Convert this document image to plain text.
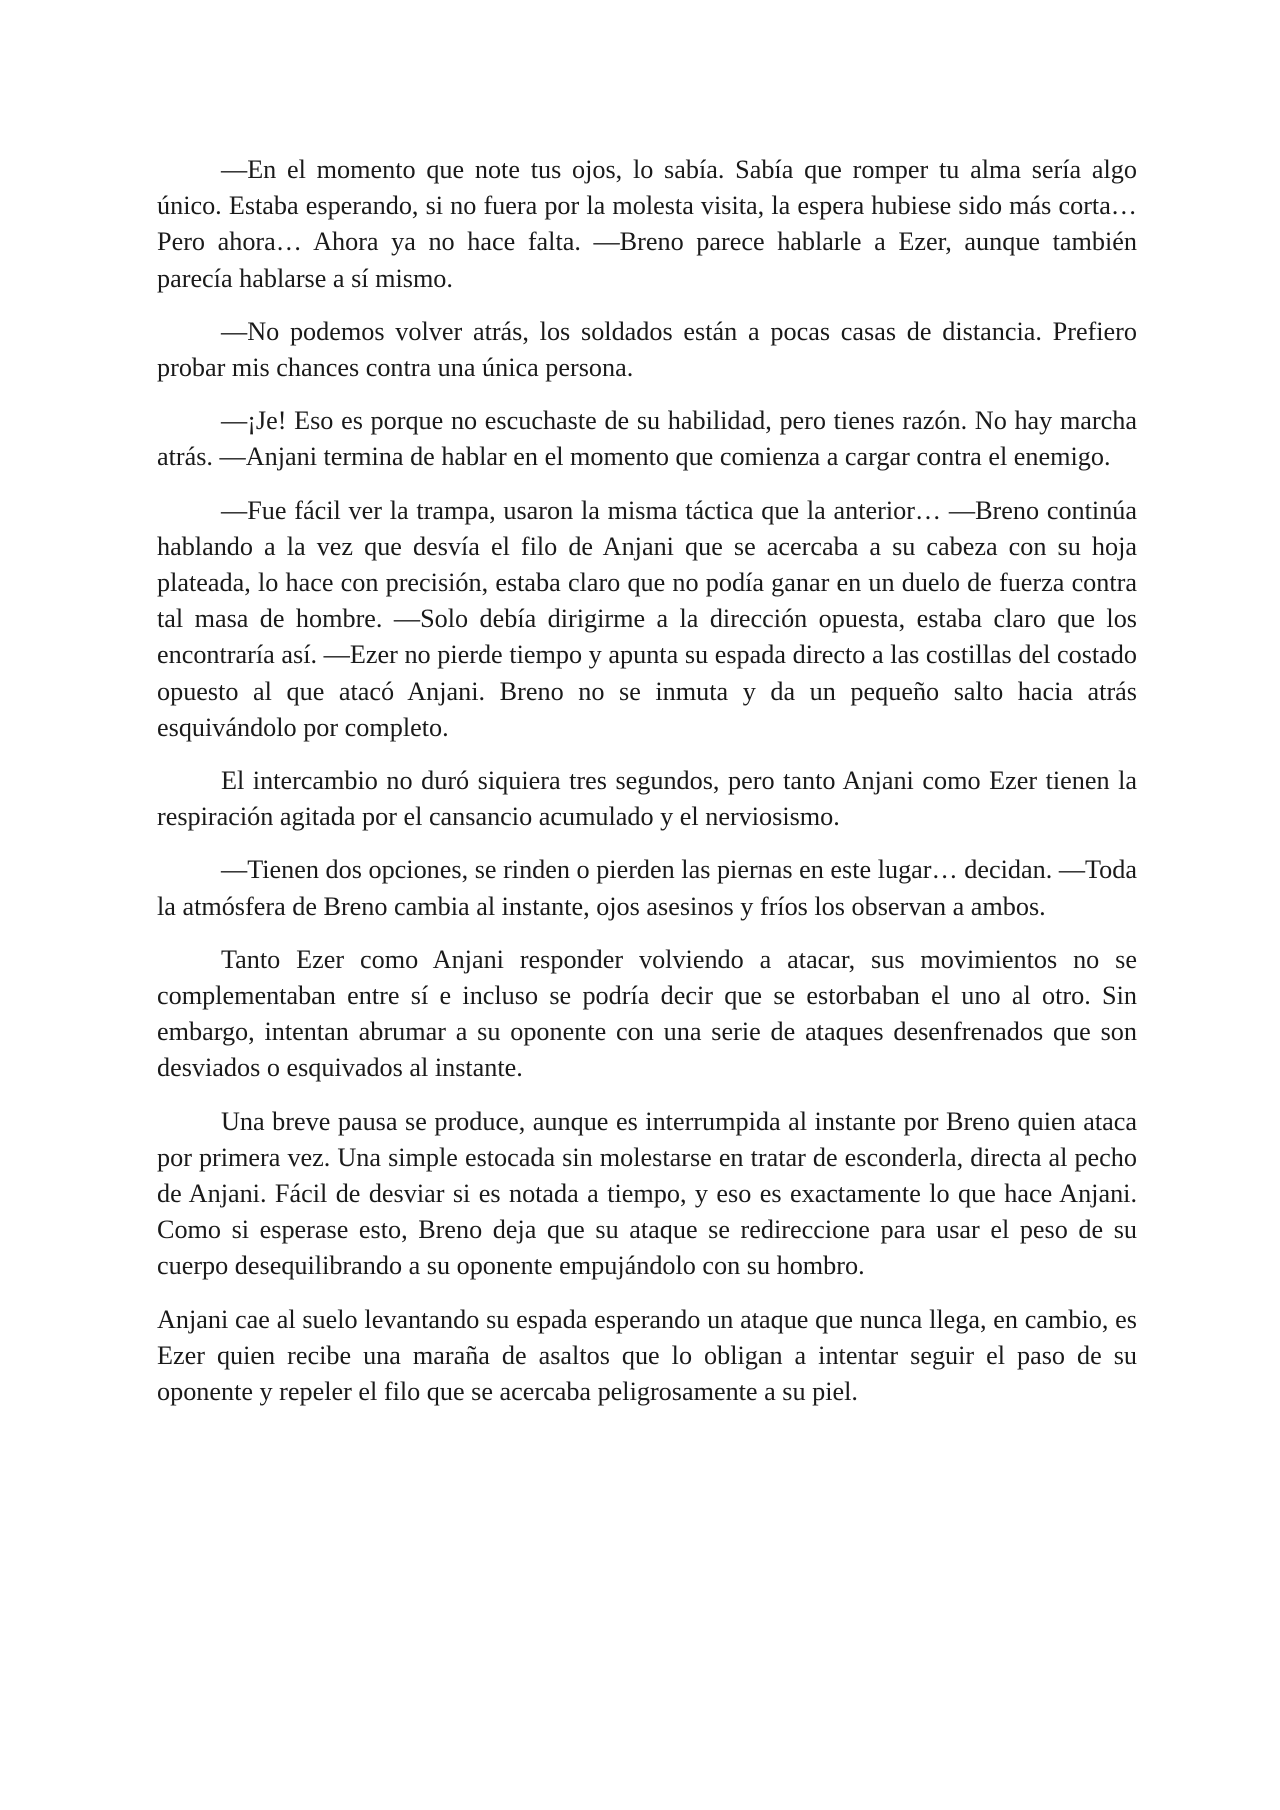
—En el momento que note tus ojos, lo sabía. Sabía que romper tu alma sería algo único. Estaba esperando, si no fuera por la molesta visita, la espera hubiese sido más corta… Pero ahora… Ahora ya no hace falta. —Breno parece hablarle a Ezer, aunque también parecía hablarse a sí mismo.

—No podemos volver atrás, los soldados están a pocas casas de distancia. Prefiero probar mis chances contra una única persona.

—¡Je! Eso es porque no escuchaste de su habilidad, pero tienes razón. No hay marcha atrás. —Anjani termina de hablar en el momento que comienza a cargar contra el enemigo.

—Fue fácil ver la trampa, usaron la misma táctica que la anterior… —Breno continúa hablando a la vez que desvía el filo de Anjani que se acercaba a su cabeza con su hoja plateada, lo hace con precisión, estaba claro que no podía ganar en un duelo de fuerza contra tal masa de hombre. —Solo debía dirigirme a la dirección opuesta, estaba claro que los encontraría así. —Ezer no pierde tiempo y apunta su espada directo a las costillas del costado opuesto al que atacó Anjani. Breno no se inmuta y da un pequeño salto hacia atrás esquivándolo por completo.

El intercambio no duró siquiera tres segundos, pero tanto Anjani como Ezer tienen la respiración agitada por el cansancio acumulado y el nerviosismo.

—Tienen dos opciones, se rinden o pierden las piernas en este lugar… decidan. —Toda la atmósfera de Breno cambia al instante, ojos asesinos y fríos los observan a ambos.

Tanto Ezer como Anjani responder volviendo a atacar, sus movimientos no se complementaban entre sí e incluso se podría decir que se estorbaban el uno al otro. Sin embargo, intentan abrumar a su oponente con una serie de ataques desenfrenados que son desviados o esquivados al instante.

Una breve pausa se produce, aunque es interrumpida al instante por Breno quien ataca por primera vez. Una simple estocada sin molestarse en tratar de esconderla, directa al pecho de Anjani. Fácil de desviar si es notada a tiempo, y eso es exactamente lo que hace Anjani. Como si esperase esto, Breno deja que su ataque se redireccione para usar el peso de su cuerpo desequilibrando a su oponente empujándolo con su hombro.

Anjani cae al suelo levantando su espada esperando un ataque que nunca llega, en cambio, es Ezer quien recibe una maraña de asaltos que lo obligan a intentar seguir el paso de su oponente y repeler el filo que se acercaba peligrosamente a su piel.
